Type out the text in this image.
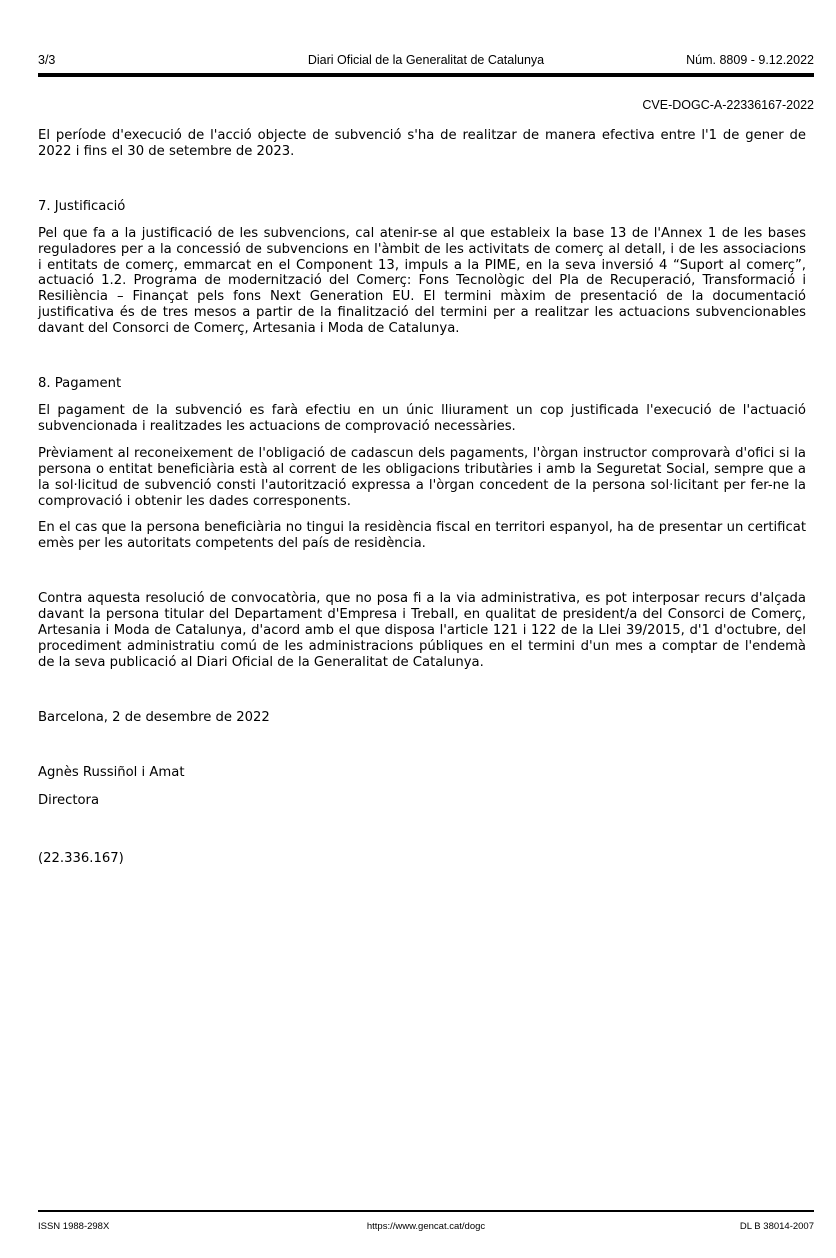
3/3	Diari Oficial de la Generalitat de Catalunya	Núm. 8809 - 9.12.2022
CVE-DOGC-A-22336167-2022

El període d'execució de l'acció objecte de subvenció s'ha de realitzar de manera efectiva entre l'1 de gener de 2022 i fins el 30 de setembre de 2023.

7. Justificació

Pel que fa a la justificació de les subvencions, cal atenir-se al que estableix la base 13 de l'Annex 1 de les bases reguladores per a la concessió de subvencions en l'àmbit de les activitats de comerç al detall, i de les associacions i entitats de comerç, emmarcat en el Component 13, impuls a la PIME, en la seva inversió 4 “Suport al comerç”, actuació 1.2. Programa de modernització del Comerç: Fons Tecnològic del Pla de Recuperació, Transformació i Resiliència – Finançat pels fons Next Generation EU. El termini màxim de presentació de la documentació justificativa és de tres mesos a partir de la finalització del termini per a realitzar les actuacions subvencionables davant del Consorci de Comerç, Artesania i Moda de Catalunya.

8. Pagament

El pagament de la subvenció es farà efectiu en un únic lliurament un cop justificada l'execució de l'actuació subvencionada i realitzades les actuacions de comprovació necessàries.

Prèviament al reconeixement de l'obligació de cadascun dels pagaments, l'òrgan instructor comprovarà d'ofici si la persona o entitat beneficiària està al corrent de les obligacions tributàries i amb la Seguretat Social, sempre que a la sol·licitud de subvenció consti l'autorització expressa a l'òrgan concedent de la persona sol·licitant per fer-ne la comprovació i obtenir les dades corresponents.

En el cas que la persona beneficiària no tingui la residència fiscal en territori espanyol, ha de presentar un certificat emès per les autoritats competents del país de residència.

Contra aquesta resolució de convocatòria, que no posa fi a la via administrativa, es pot interposar recurs d'alçada davant la persona titular del Departament d'Empresa i Treball, en qualitat de president/a del Consorci de Comerç, Artesania i Moda de Catalunya, d'acord amb el que disposa l'article 121 i 122 de la Llei 39/2015, d'1 d'octubre, del procediment administratiu comú de les administracions públiques en el termini d'un mes a comptar de l'endemà de la seva publicació al Diari Oficial de la Generalitat de Catalunya.

Barcelona, 2 de desembre de 2022

Agnès Russiñol i Amat

Directora

(22.336.167)

ISSN 1988-298X	https://www.gencat.cat/dogc	DL B 38014-2007
